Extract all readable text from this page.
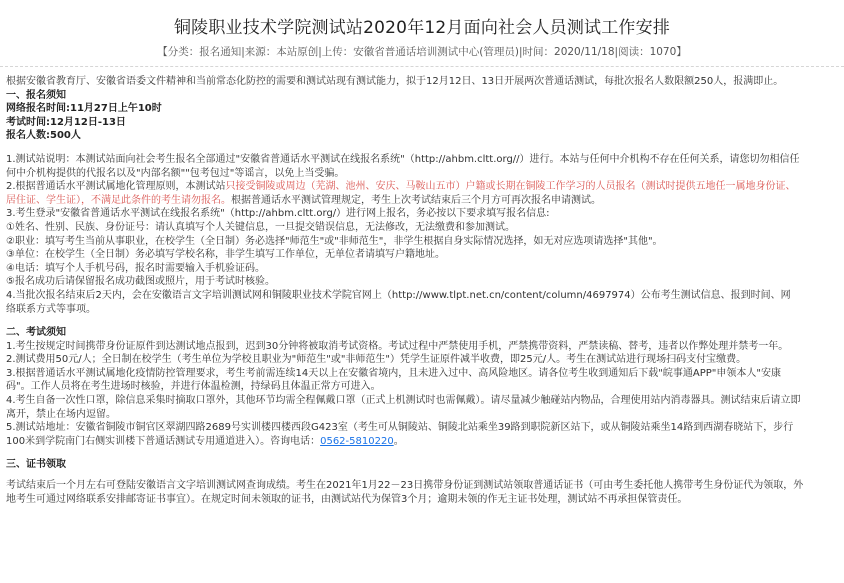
铜陵职业技术学院测试站2020年12月面向社会人员测试工作安排
【分类：报名通知|来源：本站原创|上传：安徽省普通话培训测试中心(管理员)|时间：2020/11/18|阅读：1070】

根据安徽省教育厅、安徽省语委文件精神和当前常态化防控的需要和测试站现有测试能力，拟于12月12日、13日开展两次普通话测试，每批次报名人数限额250人，报满即止。

一、报名须知

网络报名时间:11月27日上午10时

考试时间:12月12日-13日

报名人数:500人

1.测试站说明：本测试站面向社会考生报名全部通过"安徽省普通话水平测试在线报名系统"（http://ahbm.cltt.org//）进行。本站与任何中介机构不存在任何关系，请您切勿相信任

何中介机构提供的代报名以及"内部名额""包考包过"等谣言，以免上当受骗。

2.根据普通话水平测试属地化管理原则，本测试站只接受铜陵或周边（芜湖、池州、安庆、马鞍山五市）户籍或长期在铜陵工作学习的人员报名（测试时提供五地任一属地身份证、

居住证、学生证），不满足此条件的考生请勿报名。根据普通话水平测试管理规定，考生上次考试结束后三个月方可再次报名申请测试。

3.考生登录"安徽省普通话水平测试在线报名系统"（http://ahbm.cltt.org/）进行网上报名，务必按以下要求填写报名信息:

①姓名、性别、民族、身份证号：请认真填写个人关键信息，一旦提交错误信息，无法修改，无法缴费和参加测试。

②职业：填写考生当前从事职业，在校学生（全日制）务必选择"师范生"或"非师范生"，非学生根据自身实际情况选择，如无对应选项请选择"其他"。

③单位：在校学生（全日制）务必填写学校名称，非学生填写工作单位，无单位者请填写户籍地址。

④电话：填写个人手机号码，报名时需要输入手机验证码。

⑤报名成功后请保留报名成功截图或照片，用于考试时核验。

4.当批次报名结束后2天内，会在安徽语言文字培训测试网和铜陵职业技术学院官网上（http://www.tlpt.net.cn/content/column/4697974）公布考生测试信息、报到时间、网

络联系方式等事项。

二、考试须知

1.考生按规定时间携带身份证原件到达测试地点报到，迟到30分钟将被取消考试资格。考试过程中严禁使用手机，严禁携带资料，严禁读稿、替考，违者以作弊处理并禁考一年。

2.测试费用50元/人；全日制在校学生（考生单位为学校且职业为"师范生"或"非师范生"）凭学生证原件减半收费，即25元/人。考生在测试站进行现场扫码支付宝缴费。

3.根据普通话水平测试属地化疫情防控管理要求，考生考前需连续14天以上在安徽省境内，且未进入过中、高风险地区。请各位考生收到通知后下载"皖事通APP"申领本人"安康

码"。工作人员将在考生进场时核验，并进行体温检测，持绿码且体温正常方可进入。

4.考生自备一次性口罩，除信息采集时摘取口罩外，其他环节均需全程佩戴口罩（正式上机测试时也需佩戴）。请尽量减少触碰站内物品，合理使用站内消毒器具。测试结束后请立即

离开，禁止在场内逗留。

5.测试站地址：安徽省铜陵市铜官区翠湖四路2689号实训楼四楼西段G423室（考生可从铜陵站、铜陵北站乘坐39路到职院新区站下，或从铜陵站乘坐14路到西湖春晓站下，步行

100米到学院南门右侧实训楼下普通话测试专用通道进入）。咨询电话：0562-5810220。

三、证书领取

考试结束后一个月左右可登陆安徽语言文字培训测试网查询成绩。考生在2021年1月22－23日携带身份证到测试站领取普通话证书（可由考生委托他人携带考生身份证代为领取，外

地考生可通过网络联系安排邮寄证书事宜）。在规定时间未领取的证书，由测试站代为保管3个月；逾期未领的作无主证书处理，测试站不再承担保管责任。
